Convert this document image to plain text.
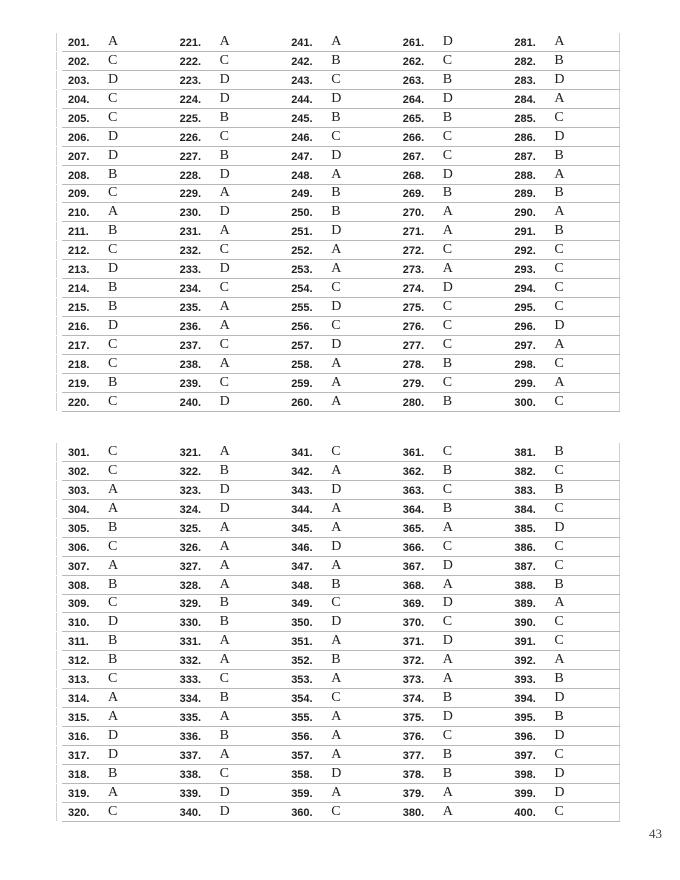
201. A
202. C
203. D
204. C
205. C
206. D
207. D
208. B
209. C
210. A
211. B
212. C
213. D
214. B
215. B
216. D
217. C
218. C
219. B
220. C
221. A
222. C
223. D
224. D
225. B
226. C
227. B
228. D
229. A
230. D
231. A
232. C
233. D
234. C
235. A
236. A
237. C
238. A
239. C
240. D
241. A
242. B
243. C
244. D
245. B
246. C
247. D
248. A
249. B
250. B
251. D
252. A
253. A
254. C
255. D
256. C
257. D
258. A
259. A
260. A
261. D
262. C
263. B
264. D
265. B
266. C
267. C
268. D
269. B
270. A
271. A
272. C
273. A
274. D
275. C
276. C
277. C
278. B
279. C
280. B
281. A
282. B
283. D
284. A
285. C
286. D
287. B
288. A
289. B
290. A
291. B
292. C
293. C
294. C
295. C
296. D
297. A
298. C
299. A
300. C
301. C
302. C
303. A
304. A
305. B
306. C
307. A
308. B
309. C
310. D
311. B
312. B
313. C
314. A
315. A
316. D
317. D
318. B
319. A
320. C
321. A
322. B
323. D
324. D
325. A
326. A
327. A
328. A
329. B
330. B
331. A
332. A
333. C
334. B
335. A
336. B
337. A
338. C
339. D
340. D
341. C
342. A
343. D
344. A
345. A
346. D
347. A
348. B
349. C
350. D
351. A
352. B
353. A
354. C
355. A
356. A
357. A
358. D
359. A
360. C
361. C
362. B
363. C
364. B
365. A
366. C
367. D
368. A
369. D
370. C
371. D
372. A
373. A
374. B
375. D
376. C
377. B
378. B
379. A
380. A
381. B
382. C
383. B
384. C
385. D
386. C
387. C
388. B
389. A
390. C
391. C
392. A
393. B
394. D
395. B
396. D
397. C
398. D
399. D
400. C
43
